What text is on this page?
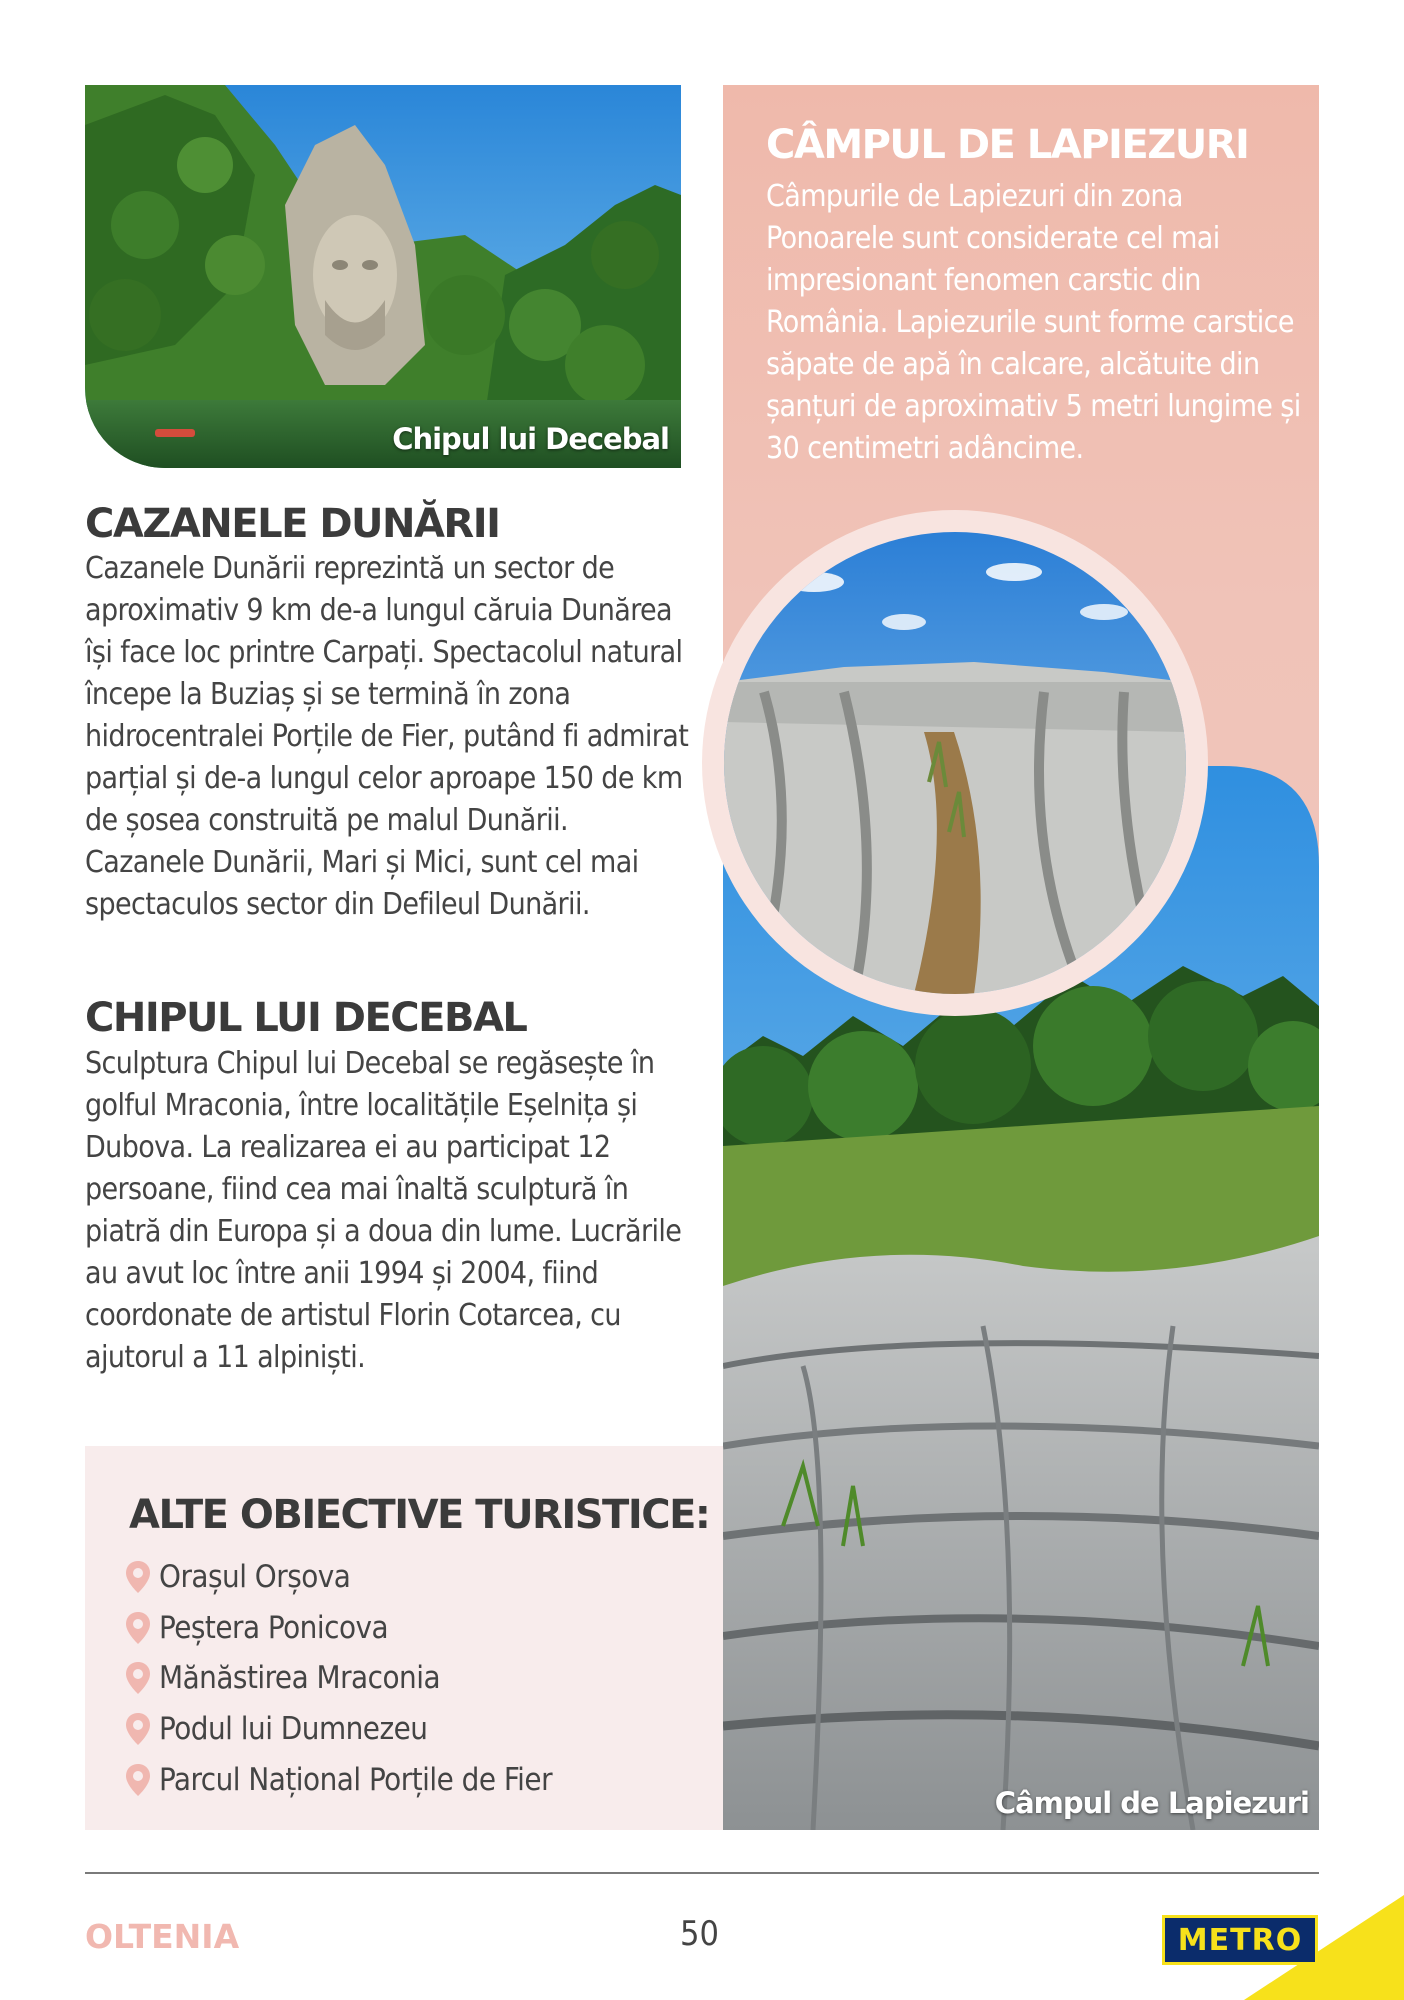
Chipul lui Decebal
CAZANELE DUNĂRII

Cazanele Dunării reprezintă un sector de aproximativ 9 km de-a lungul căruia Dunărea își face loc printre Carpați. Spectacolul natural începe la Buziaș și se termină în zona hidrocentralei Porțile de Fier, putând fi admirat parțial și de-a lungul celor aproape 150 de km de șosea construită pe malul Dunării. Cazanele Dunării, Mari și Mici, sunt cel mai spectaculos sector din Defileul Dunării.

CHIPUL LUI DECEBAL

Sculptura Chipul lui Decebal se regăsește în golful Mraconia, între localitățile Eșelnița și Dubova. La realizarea ei au participat 12 persoane, fiind cea mai înaltă sculptură în piatră din Europa și a doua din lume. Lucrările au avut loc între anii 1994 și 2004, fiind coordonate de artistul Florin Cotarcea, cu ajutorul a 11 alpiniști.

ALTE OBIECTIVE TURISTICE:
Orașul Orșova
Peștera Ponicova
Mănăstirea Mraconia
Podul lui Dumnezeu
Parcul Național Porțile de Fier
Câmpul de Lapiezuri
CÂMPUL DE LAPIEZURI

Câmpurile de Lapiezuri din zona Ponoarele sunt considerate cel mai impresionant fenomen carstic din România. Lapiezurile sunt forme carstice săpate de apă în calcare, alcătuite din șanțuri de aproximativ 5 metri lungime și 30 centimetri adâncime.

OLTENIA	50	METRO
